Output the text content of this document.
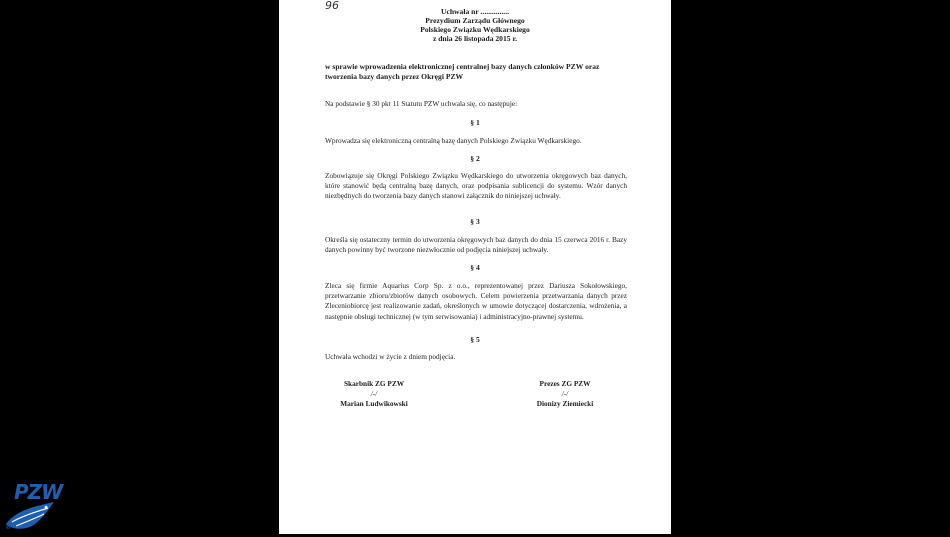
Uchwała nr ...............
96
Prezydium Zarządu Głównego
Polskiego Związku Wędkarskiego
z dnia 26 listopada 2015 r.
w sprawie wprowadzenia elektronicznej centralnej bazy danych członków PZW oraz tworzenia bazy danych przez Okręgi PZW
Na podstawie § 30 pkt 11 Statutu PZW uchwala się, co następuje:
§ 1
Wprowadza się elektroniczną centralną bazę danych Polskiego Związku Wędkarskiego.
§ 2
Zobowiązuje się Okręgi Polskiego Związku Wędkarskiego do utworzenia okręgowych baz danych, które stanowić będą centralną bazę danych, oraz podpisania sublicencji do systemu. Wzór danych niezbędnych do tworzenia bazy danych stanowi załącznik do niniejszej uchwały.
§ 3
Określa się ostateczny termin do utworzenia okręgowych baz danych do dnia 15 czerwca 2016 r. Bazy danych powinny być tworzone niezwłocznie od podjęcia niniejszej uchwały.
§ 4
Zleca się firmie Aquarius Corp Sp. z o.o., reprezentowanej przez Dariusza Sokołowskiego, przetwarzanie zbioru/zbiorów danych osobowych. Celem powierzenia przetwarzania danych przez Zleceniobiorcę jest realizowanie zadań, określonych w umowie dotyczącej dostarczenia, wdrożenia, a następnie obsługi technicznej (w tym serwisowania) i administracyjno-prawnej systemu.
§ 5
Uchwała wchodzi w życie z dniem podjęcia.
Skarbnik ZG PZW
/-/
Marian Ludwikowski
Prezes ZG PZW
/-/
Dionizy Ziemiecki
PZW
®
